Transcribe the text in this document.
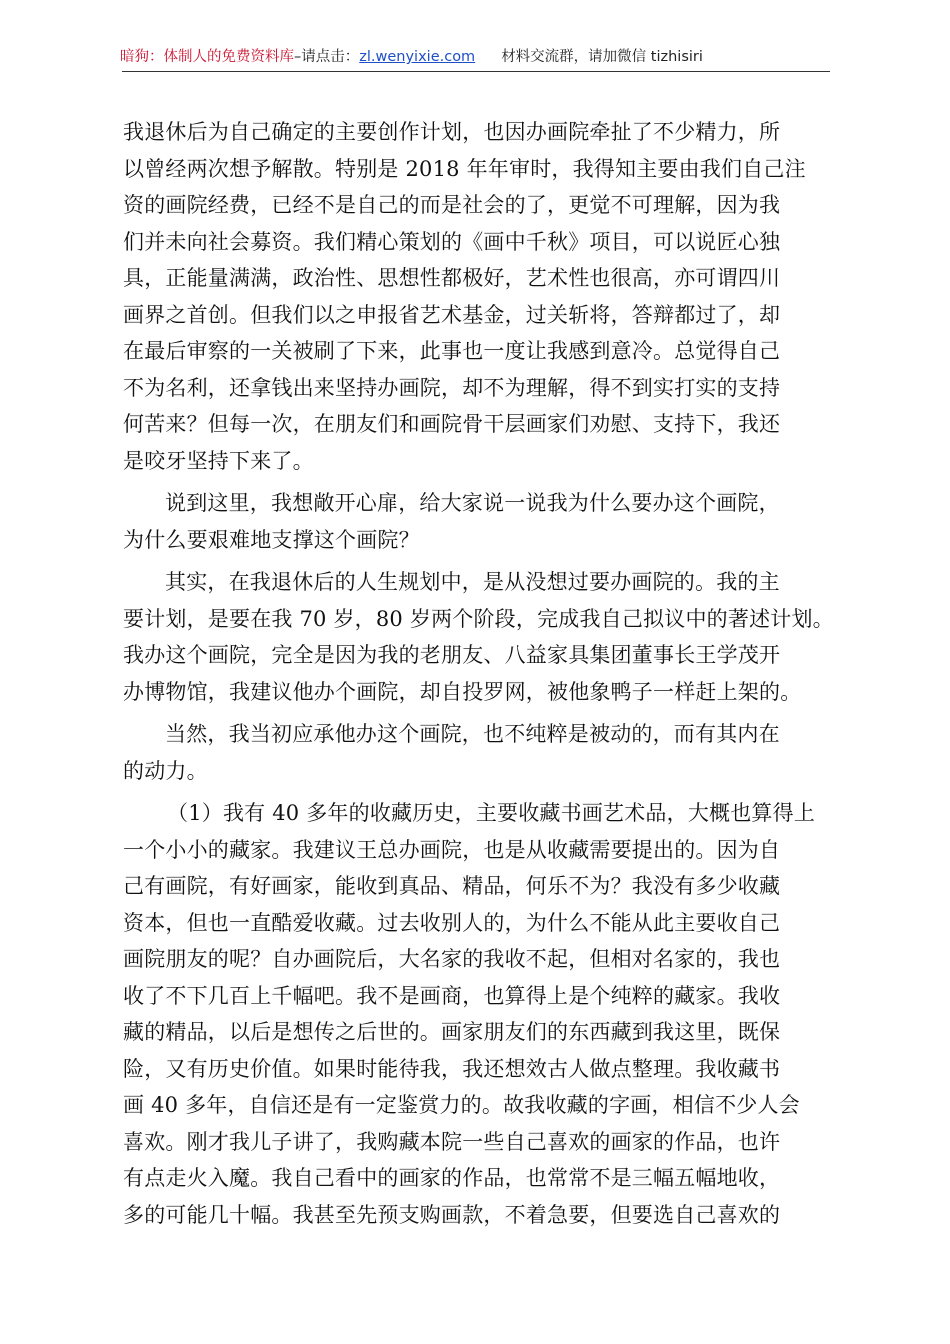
暗狗：体制人的免费资料库 –请点击： zl.wenyixie.com 材料交流群，请加微信 tizhisiri

我退休后为自己确定的主要创作计划，也因办画院牵扯了不少精力，所
以曾经两次想予解散。特别是 2018 年年审时，我得知主要由我们自己注
资的画院经费，已经不是自己的而是社会的了，更觉不可理解，因为我
们并未向社会募资。我们精心策划的《画中千秋》项目，可以说匠心独
具，正能量满满，政治性、思想性都极好，艺术性也很高，亦可谓四川
画界之首创。但我们以之申报省艺术基金，过关斩将，答辩都过了，却
在最后审察的一关被刷了下来，此事也一度让我感到意冷。总觉得自己
不为名利，还拿钱出来坚持办画院，却不为理解，得不到实打实的支持
何苦来？但每一次，在朋友们和画院骨干层画家们劝慰、支持下，我还
是咬牙坚持下来了。

说到这里，我想敞开心扉，给大家说一说我为什么要办这个画院，
为什么要艰难地支撑这个画院？

其实，在我退休后的人生规划中，是从没想过要办画院的。我的主
要计划，是要在我 70 岁，80 岁两个阶段，完成我自己拟议中的著述计划。
我办这个画院，完全是因为我的老朋友、八益家具集团董事长王学茂开
办博物馆，我建议他办个画院，却自投罗网，被他象鸭子一样赶上架的。

当然，我当初应承他办这个画院，也不纯粹是被动的，而有其内在
的动力。

（1）我有 40 多年的收藏历史，主要收藏书画艺术品，大概也算得上
一个小小的藏家。我建议王总办画院，也是从收藏需要提出的。因为自
己有画院，有好画家，能收到真品、精品，何乐不为？我没有多少收藏
资本，但也一直酷爱收藏。过去收别人的，为什么不能从此主要收自己
画院朋友的呢？自办画院后，大名家的我收不起，但相对名家的，我也
收了不下几百上千幅吧。我不是画商，也算得上是个纯粹的藏家。我收
藏的精品，以后是想传之后世的。画家朋友们的东西藏到我这里，既保
险，又有历史价值。如果时能待我，我还想效古人做点整理。我收藏书
画 40 多年，自信还是有一定鉴赏力的。故我收藏的字画，相信不少人会
喜欢。刚才我儿子讲了，我购藏本院一些自己喜欢的画家的作品，也许
有点走火入魔。我自己看中的画家的作品，也常常不是三幅五幅地收，
多的可能几十幅。我甚至先预支购画款，不着急要，但要选自己喜欢的
